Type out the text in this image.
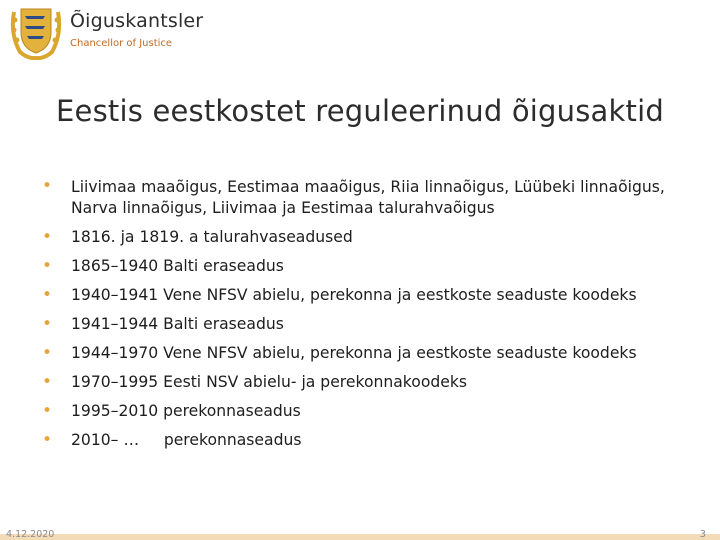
Õiguskantsler
Chancellor of Justice
Eestis eestkostet reguleerinud õigusaktid
• Liivimaa maaõigus, Eestimaa maaõigus, Riia linnaõigus, Lüübeki linnaõigus, Narva linnaõigus, Liivimaa ja Eestimaa talurahvaõigus
• 1816. ja 1819. a talurahvaseadused
• 1865–1940 Balti eraseadus
• 1940–1941 Vene NFSV abielu, perekonna ja eestkoste seaduste koodeks
• 1941–1944 Balti eraseadus
• 1944–1970 Vene NFSV abielu, perekonna ja eestkoste seaduste koodeks
• 1970–1995 Eesti NSV abielu- ja perekonnakoodeks
• 1995–2010 perekonnaseadus
• 2010– …     perekonnaseadus
4.12.2020	3
